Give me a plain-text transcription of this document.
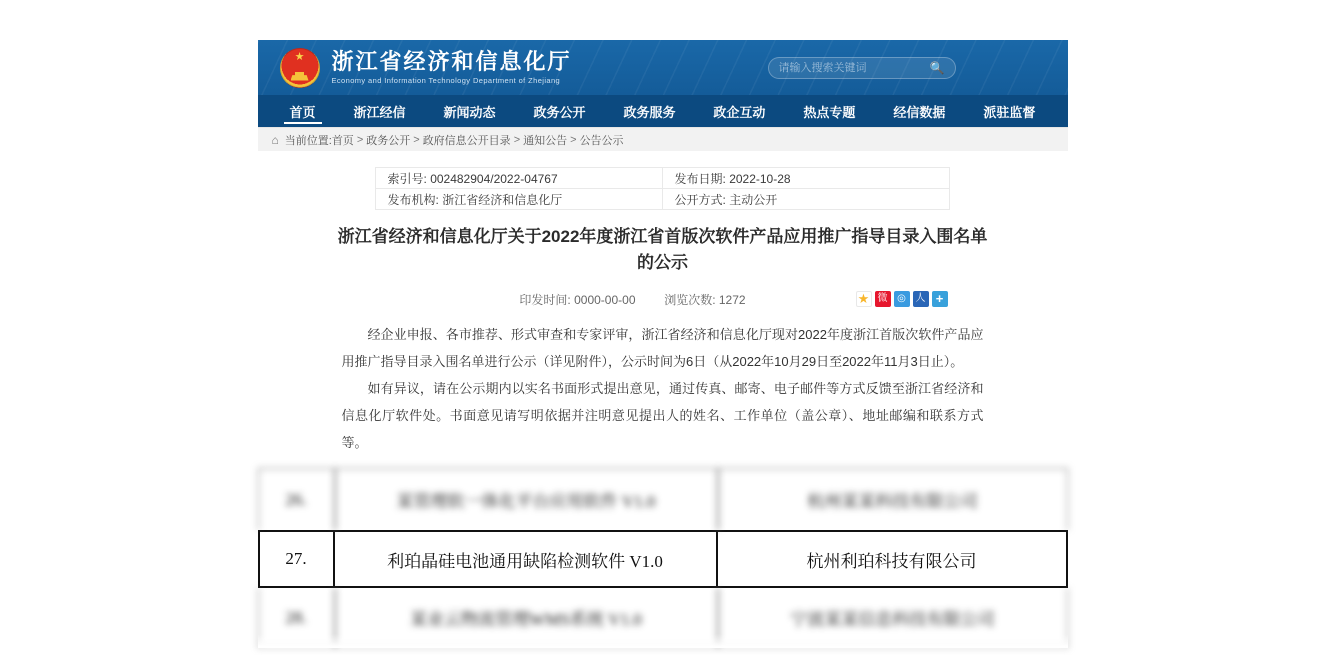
★	浙江省经济和信息化厅
Economy and Information Technology Department of Zhejiang
请输入搜索关键词
🔍
首页	浙江经信	新闻动态	政务公开	政务服务	政企互动	热点专题	经信数据	派驻监督
⌂ 当前位置: 首页 > 政务公开 > 政府信息公开目录 > 通知公告 > 公告公示
索引号: 002482904/2022-04767	发布日期: 2022-10-28
发布机构: 浙江省经济和信息化厅	公开方式: 主动公开
浙江省经济和信息化厅关于2022年度浙江省首版次软件产品应用推广指导目录入围名单的公示
印发时间: 0000-00-00 浏览次数: 1272	★ 微 ◎ 人 +

经企业申报、各市推荐、形式审查和专家评审，浙江省经济和信息化厅现对2022年度浙江首版次软件产品应用推广指导目录入围名单进行公示（详见附件），公示时间为6日（从2022年10月29日至2022年11月3日止）。

如有异议，请在公示期内以实名书面形式提出意见，通过传真、邮寄、电子邮件等方式反馈至浙江省经济和信息化厅软件处。书面意见请写明依据并注明意见提出人的姓名、工作单位（盖公章）、地址邮编和联系方式等。

26.	某管理软一体化平台应用软件 V1.0	杭州某某科技有限公司
27.	利珀晶硅电池通用缺陷检测软件 V1.0	杭州利珀科技有限公司
28.	某业云物流管理WMS系统 V1.0	宁波某某信息科技有限公司
